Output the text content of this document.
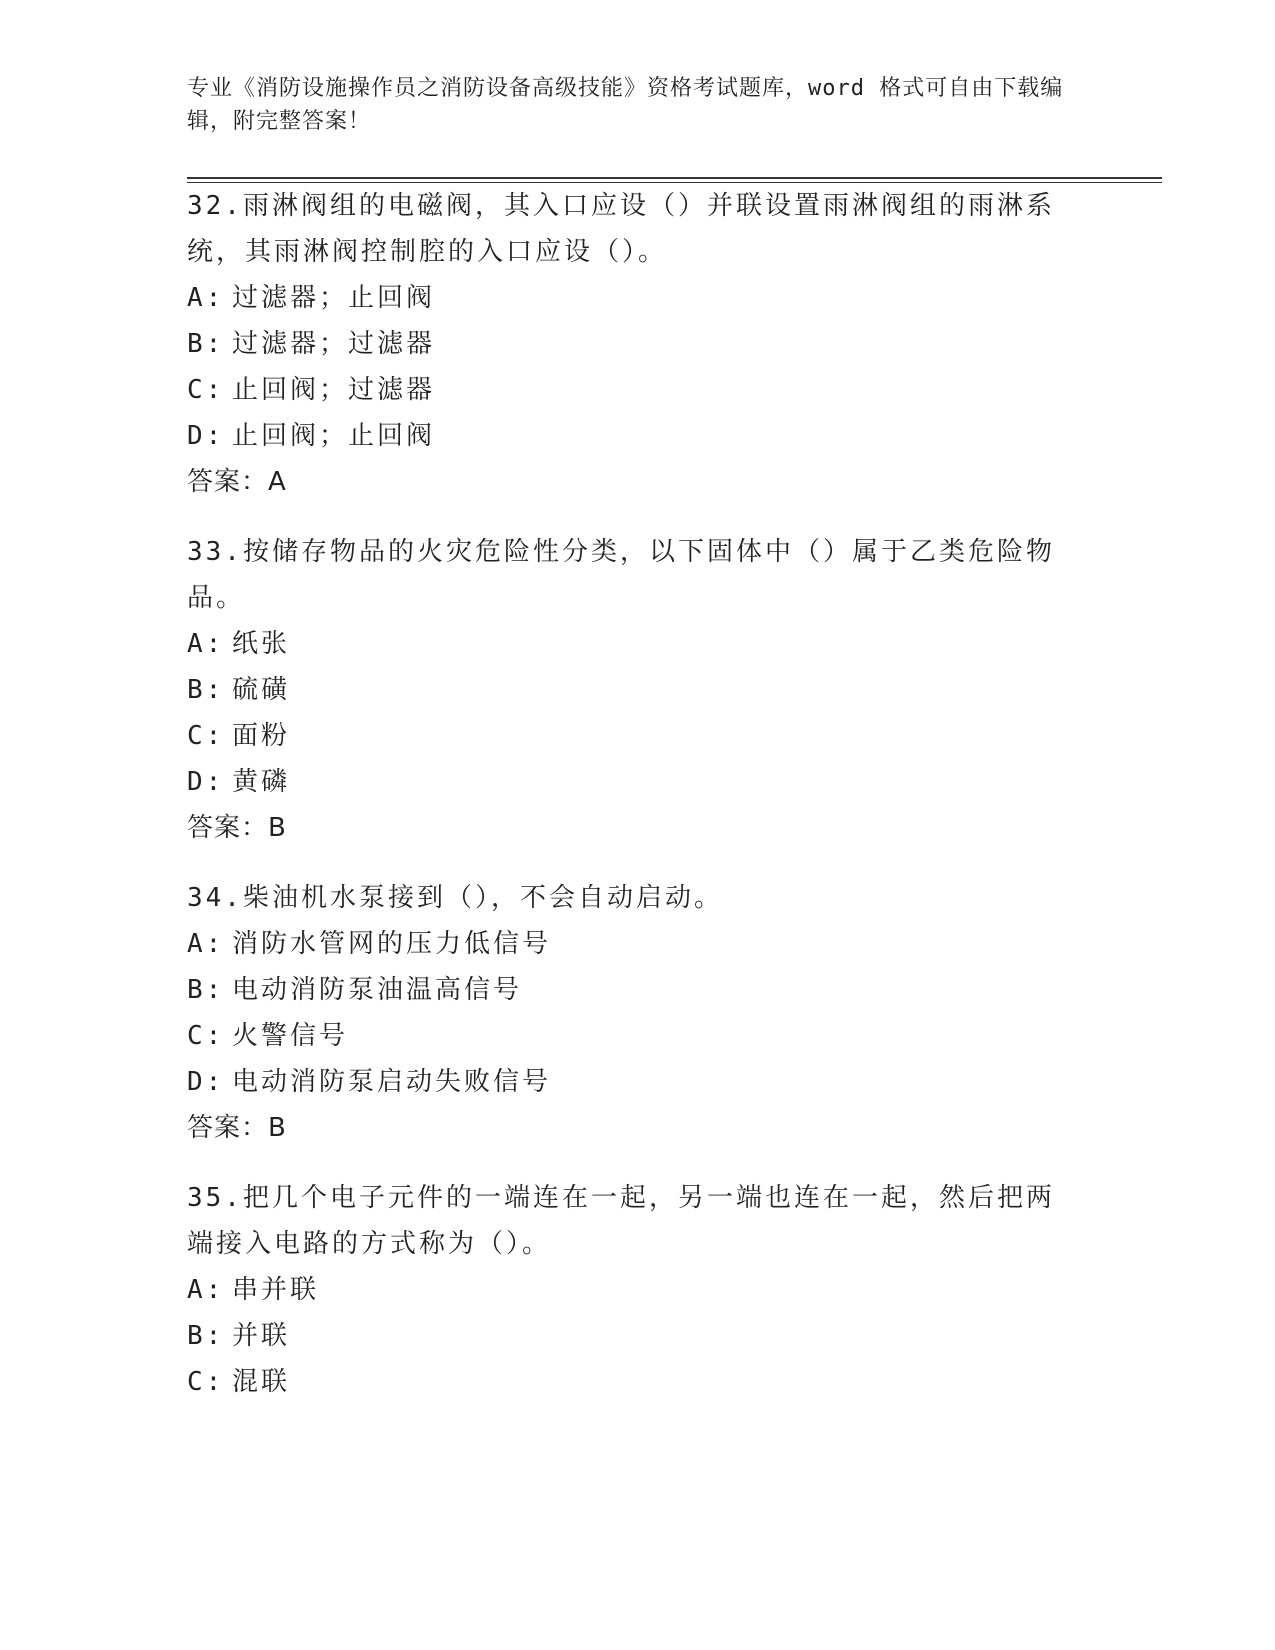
专业《消防设施操作员之消防设备高级技能》资格考试题库，word 格式可自由下载编辑，附完整答案！

32.雨淋阀组的电磁阀，其入口应设（）并联设置雨淋阀组的雨淋系统，其雨淋阀控制腔的入口应设（）。

A: 过滤器；止回阀

B: 过滤器；过滤器

C: 止回阀；过滤器

D: 止回阀；止回阀

答案：A

33.按储存物品的火灾危险性分类，以下固体中（）属于乙类危险物品。

A: 纸张

B: 硫磺

C: 面粉

D: 黄磷

答案：B

34.柴油机水泵接到（），不会自动启动。

A: 消防水管网的压力低信号

B: 电动消防泵油温高信号

C: 火警信号

D: 电动消防泵启动失败信号

答案：B

35.把几个电子元件的一端连在一起，另一端也连在一起，然后把两端接入电路的方式称为（）。

A: 串并联

B: 并联

C: 混联
